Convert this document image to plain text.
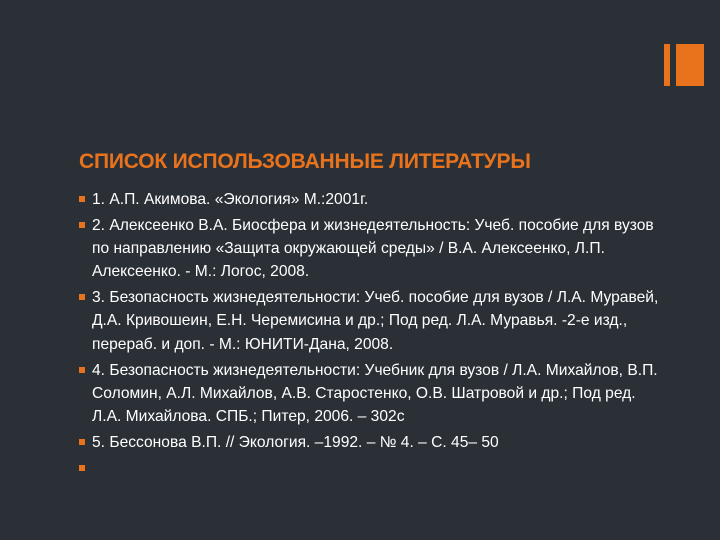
СПИСОК ИСПОЛЬЗОВАННЫЕ ЛИТЕРАТУРЫ
1. А.П. Акимова. «Экология» М.:2001г.
2. Алексеенко В.А. Биосфера и жизнедеятельность: Учеб. пособие для вузов по направлению «Защита окружающей среды» / В.А. Алексеенко, Л.П. Алексеенко. - М.: Логос, 2008.
3. Безопасность жизнедеятельности: Учеб. пособие для вузов / Л.А. Муравей, Д.А. Кривошеин, Е.Н. Черемисина и др.; Под ред. Л.А. Муравья. -2-е изд., перераб. и доп. - М.: ЮНИТИ-Дана, 2008.
4. Безопасность жизнедеятельности: Учебник для вузов / Л.А. Михайлов, В.П. Соломин, А.Л. Михайлов, А.В. Старостенко, О.В. Шатровой и др.; Под ред. Л.А. Михайлова. СПБ.; Питер, 2006. – 302с
5. Бессонова В.П. // Экология. –1992. – № 4. – С. 45– 50
